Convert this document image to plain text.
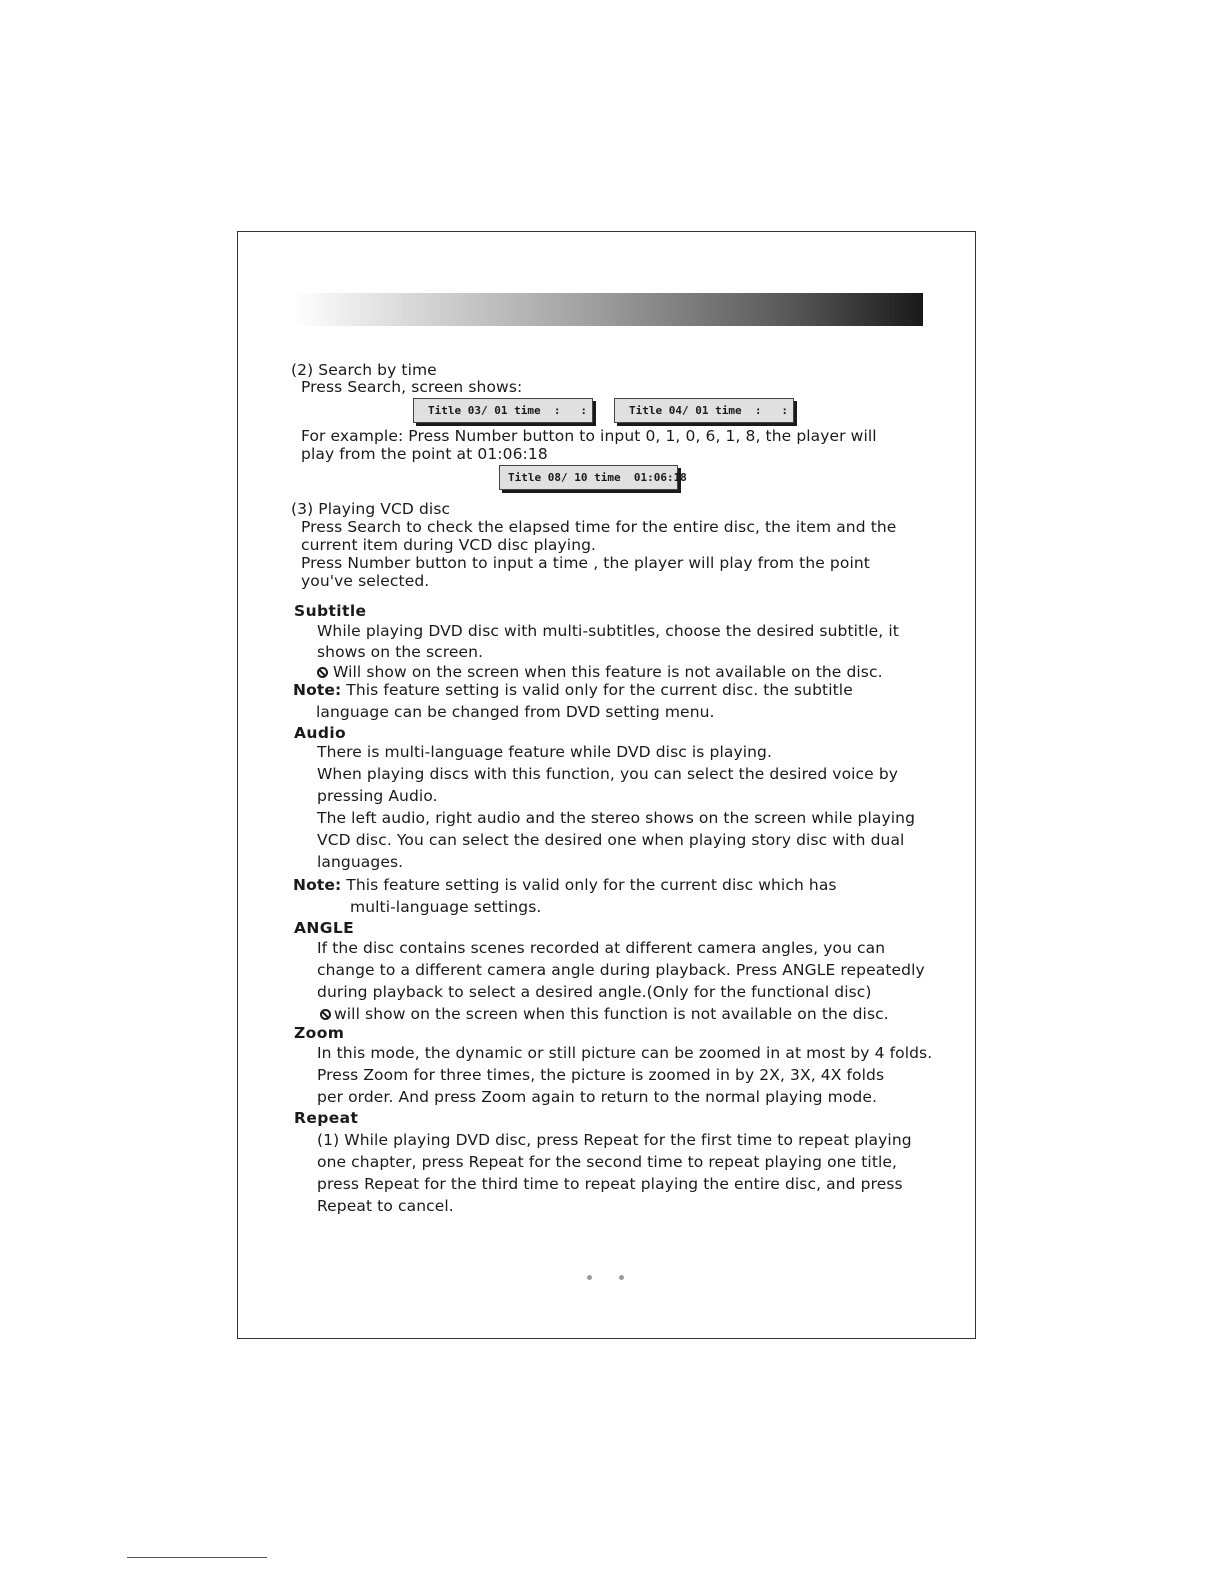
(2) Search by time
Press Search, screen shows:
Title 03/ 01 time  :   :	Title 04/ 01 time  :   :
For example: Press Number button to input 0, 1, 0, 6, 1, 8, the player will
play from the point at 01:06:18
Title 08/ 10 time  01:06:18
(3) Playing VCD disc
Press Search to check the elapsed time for the entire disc, the item and the
current item during VCD disc playing.
Press Number button to input a time , the player will play from the point
you've selected.
Subtitle
While playing DVD disc with multi-subtitles, choose the desired subtitle, it
shows on the screen.
Will show on the screen when this feature is not available on the disc.
Note: This feature setting is valid only for the current disc. the subtitle
language can be changed from DVD setting menu.
Audio
There is multi-language feature while DVD disc is playing.
When playing discs with this function, you can select the desired voice by
pressing Audio.
The left audio, right audio and the stereo shows on the screen while playing
VCD disc. You can select the desired one when playing story disc with dual
languages.
Note: This feature setting is valid only for the current disc which has
multi-language settings.
ANGLE
If the disc contains scenes recorded at different camera angles, you can
change to a different camera angle during playback. Press ANGLE repeatedly
during playback to select a desired angle.(Only for the functional disc)
will show on the screen when this function is not available on the disc.
Zoom
In this mode, the dynamic or still picture can be zoomed in at most by 4 folds.
Press Zoom for three times, the picture is zoomed in by 2X, 3X, 4X folds
per order. And press Zoom again to return to the normal playing mode.
Repeat
(1) While playing DVD disc, press Repeat for the first time to repeat playing
one chapter, press Repeat for the second time to repeat playing one title,
press Repeat for the third time to repeat playing the entire disc, and press
Repeat to cancel.
